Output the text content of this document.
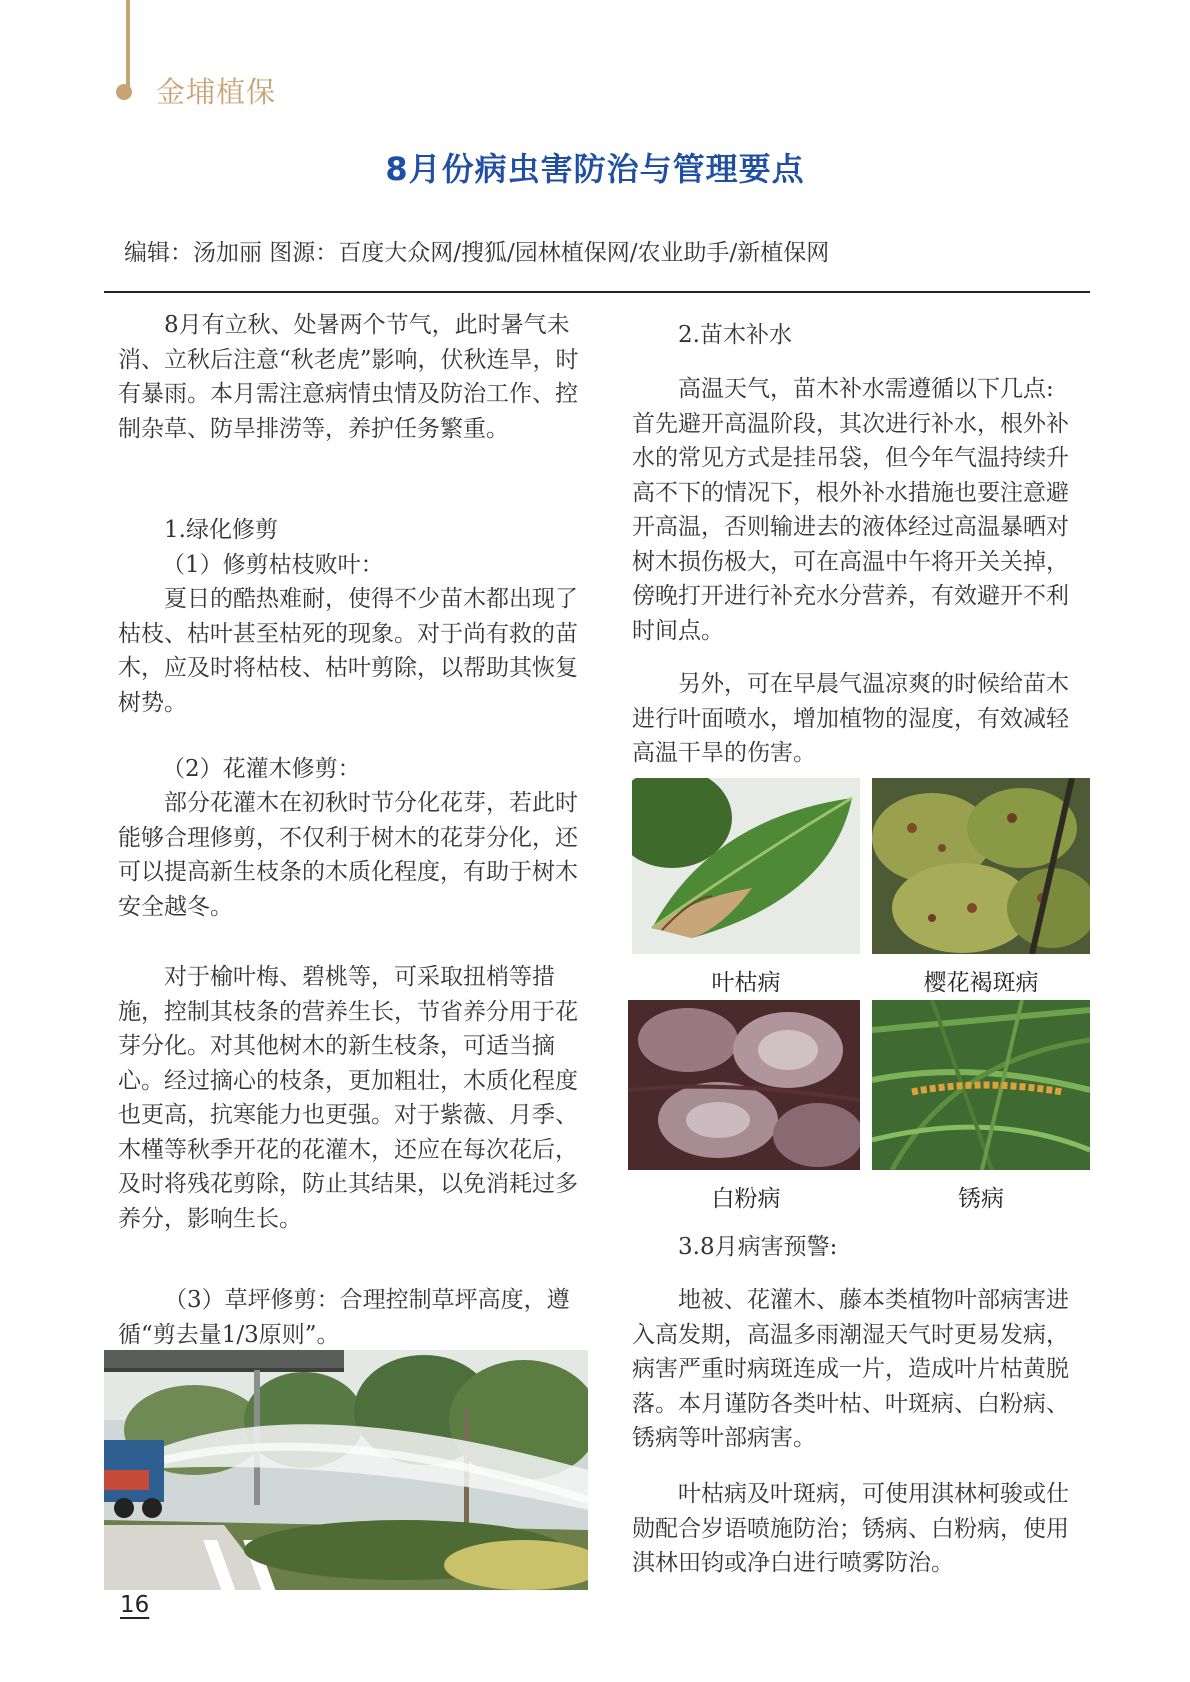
金埔植保
8月份病虫害防治与管理要点
编辑：汤加丽 图源：百度大众网/搜狐/园林植保网/农业助手/新植保网

8月有立秋、处暑两个节气，此时暑气未消、立秋后注意“秋老虎”影响，伏秋连旱，时有暴雨。本月需注意病情虫情及防治工作、控制杂草、防旱排涝等，养护任务繁重。

1.绿化修剪

（1）修剪枯枝败叶：

夏日的酷热难耐，使得不少苗木都出现了枯枝、枯叶甚至枯死的现象。对于尚有救的苗木，应及时将枯枝、枯叶剪除，以帮助其恢复树势。

（2）花灌木修剪：

部分花灌木在初秋时节分化花芽，若此时能够合理修剪，不仅利于树木的花芽分化，还可以提高新生枝条的木质化程度，有助于树木安全越冬。

对于榆叶梅、碧桃等，可采取扭梢等措施，控制其枝条的营养生长，节省养分用于花芽分化。对其他树木的新生枝条，可适当摘心。经过摘心的枝条，更加粗壮，木质化程度也更高，抗寒能力也更强。对于紫薇、月季、木槿等秋季开花的花灌木，还应在每次花后，及时将残花剪除，防止其结果，以免消耗过多养分，影响生长。

（3）草坪修剪：合理控制草坪高度，遵循“剪去量1/3原则”。

2.苗木补水

高温天气，苗木补水需遵循以下几点:首先避开高温阶段，其次进行补水，根外补水的常见方式是挂吊袋，但今年气温持续升高不下的情况下，根外补水措施也要注意避开高温，否则输进去的液体经过高温暴晒对树木损伤极大，可在高温中午将开关关掉，傍晚打开进行补充水分营养，有效避开不利时间点。

另外，可在早晨气温凉爽的时候给苗木进行叶面喷水，增加植物的湿度，有效减轻高温干旱的伤害。

叶枯病	樱花褐斑病
白粉病	锈病

3.8月病害预警:

地被、花灌木、藤本类植物叶部病害进入高发期，高温多雨潮湿天气时更易发病，病害严重时病斑连成一片，造成叶片枯黄脱落。本月谨防各类叶枯、叶斑病、白粉病、锈病等叶部病害。

叶枯病及叶斑病，可使用淇林柯骏或仕勋配合岁语喷施防治；锈病、白粉病，使用淇林田钧或净白进行喷雾防治。

16
